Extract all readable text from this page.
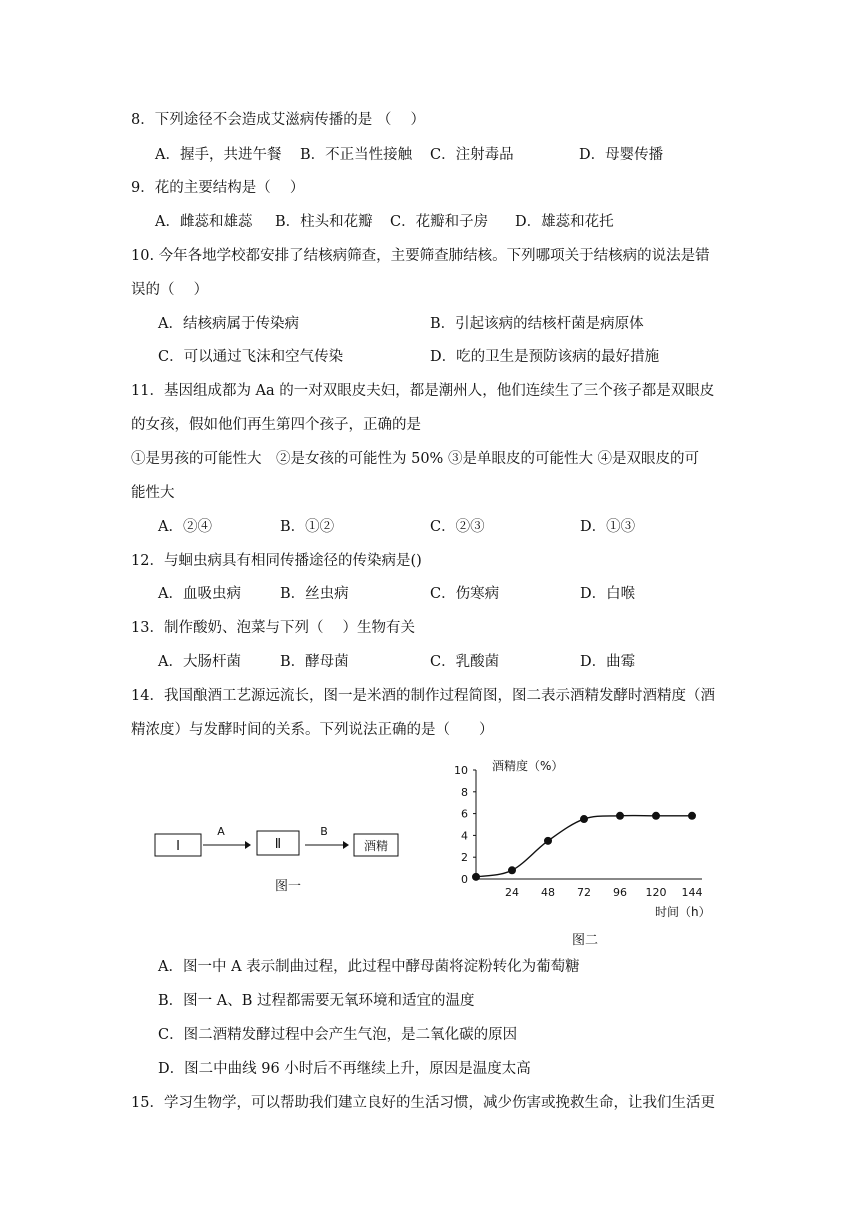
8．下列途径不会造成艾滋病传播的是 （　 ）
A．握手，共进午餐 B．不正当性接触 C．注射毒品	D．母婴传播
9．花的主要结构是（　 ）
A．雌蕊和雄蕊 B．柱头和花瓣 C．花瓣和子房 D．雄蕊和花托
10. 今年各地学校都安排了结核病筛查，主要筛查肺结核。下列哪项关于结核病的说法是错
误的（　 ）
A．结核病属于传染病	B．引起该病的结核杆菌是病原体
C．可以通过飞沫和空气传染	D．吃的卫生是预防该病的最好措施
11．基因组成都为 Aa 的一对双眼皮夫妇，都是潮州人，他们连续生了三个孩子都是双眼皮
的女孩，假如他们再生第四个孩子，正确的是
①是男孩的可能性大　②是女孩的可能性为 50% ③是单眼皮的可能性大 ④是双眼皮的可
能性大
A．②④	B．①②	C．②③	D．①③
12．与蛔虫病具有相同传播途径的传染病是()
A．血吸虫病	B．丝虫病	C．伤寒病	D．白喉
13．制作酸奶、泡菜与下列（　 ）生物有关
A．大肠杆菌	B．酵母菌	C．乳酸菌	D．曲霉
14．我国酿酒工艺源远流长，图一是米酒的制作过程简图，图二表示酒精发酵时酒精度（酒
精浓度）与发酵时间的关系。下列说法正确的是（　　）
Ⅰ
A
Ⅱ
B
酒精
图一
酒精度（%）
时间（h）
0
2
4
6
8
10
24 48 72 96 120 144
图二
A．图一中 A 表示制曲过程，此过程中酵母菌将淀粉转化为葡萄糖
B．图一 A、B 过程都需要无氧环境和适宜的温度
C．图二酒精发酵过程中会产生气泡，是二氧化碳的原因
D．图二中曲线 96 小时后不再继续上升，原因是温度太高
15．学习生物学，可以帮助我们建立良好的生活习惯，减少伤害或挽救生命，让我们生活更
